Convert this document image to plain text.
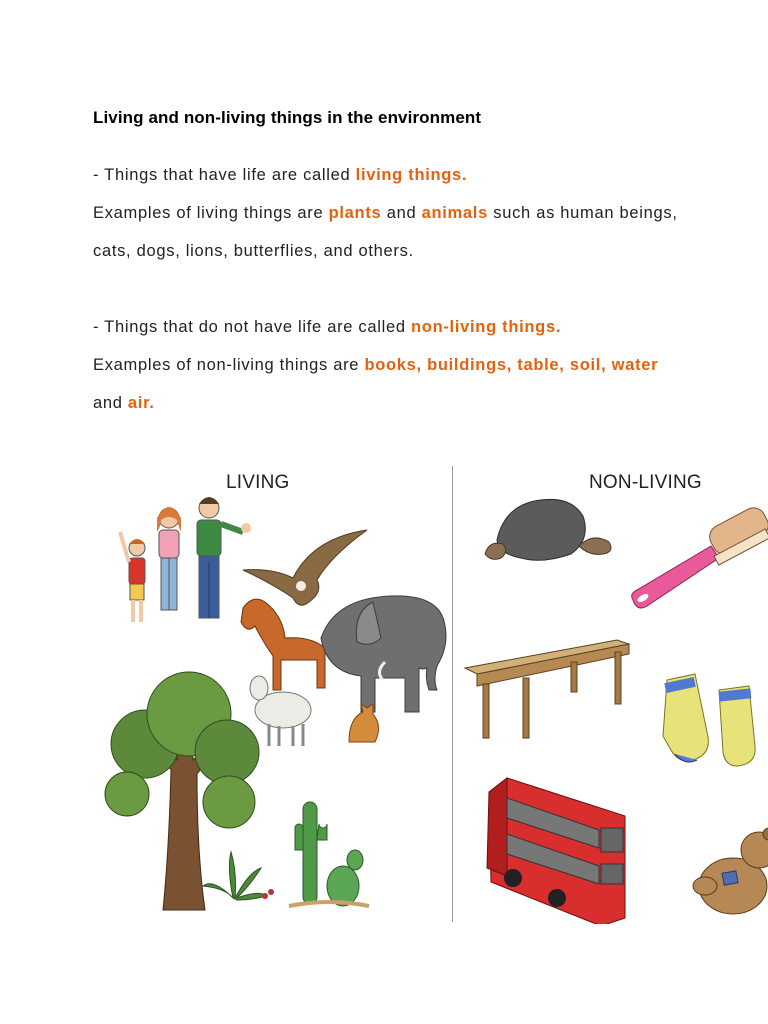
Living and non-living things in the environment

- Things that have life are called living things.

Examples of living things are plants and animals such as human beings, cats, dogs, lions, butterflies, and others.

- Things that do not have life are called non-living things.

Examples of non-living things are books, buildings, table, soil, water and air.

LIVING	NON-LIVING
